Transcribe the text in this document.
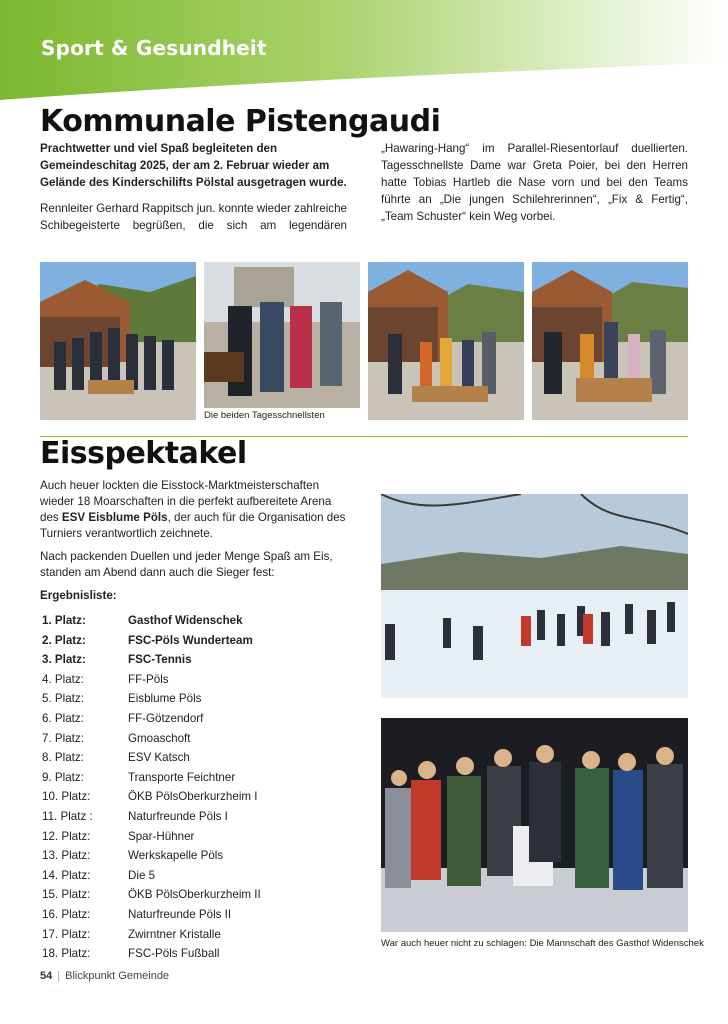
Sport & Gesundheit
Kommunale Pistengaudi
Die beiden Tagesschnellsten
Eisspektakel

Auch heuer lockten die Eisstock-Marktmeisterschaften wieder 18 Moarschaften in die perfekt aufbereitete Arena des ESV Eisblume Pöls, der auch für die Organisation des Turniers verantwortlich zeichnete.

Nach packenden Duellen und jeder Menge Spaß am Eis, standen am Abend dann auch die Sieger fest:

Ergebnisliste:

1. Platz:	Gasthof Widenschek
2. Platz:	FSC-Pöls Wunderteam
3. Platz:	FSC-Tennis
4. Platz:	FF-Pöls
5. Platz:	Eisblume Pöls
6. Platz:	FF-Götzendorf
7. Platz:	Gmoaschoft
8. Platz:	ESV Katsch
9. Platz:	Transporte Feichtner
10. Platz:	ÖKB PölsOberkurzheim I
11. Platz :	Naturfreunde Pöls I
12. Platz:	Spar-Hühner
13. Platz:	Werkskapelle Pöls
14. Platz:	Die 5
15. Platz:	ÖKB PölsOberkurzheim II
16. Platz:	Naturfreunde Pöls II
17. Platz:	Zwirntner Kristalle
18. Platz:	FSC-Pöls Fußball
War auch heuer nicht zu schlagen: Die Mannschaft des Gasthof Widenschek
54 | Blickpunkt Gemeinde

Prachtwetter und viel Spaß begleiteten den Gemeindeschitag 2025, der am 2. Februar wieder am Gelände des Kinderschilifts Pölstal ausgetragen wurde.

Rennleiter Gerhard Rappitsch jun. konnte wieder zahlreiche Schibegeisterte begrüßen, die sich am legendären „Hawaring-Hang“ im Parallel-Riesentorlauf duellierten. Tagesschnellste Dame war Greta Poier, bei den Herren hatte Tobias Hartleb die Nase vorn und bei den Teams führte an „Die jungen Schilehrerinnen“, „Fix & Fertig“, „Team Schuster“ kein Weg vorbei.
